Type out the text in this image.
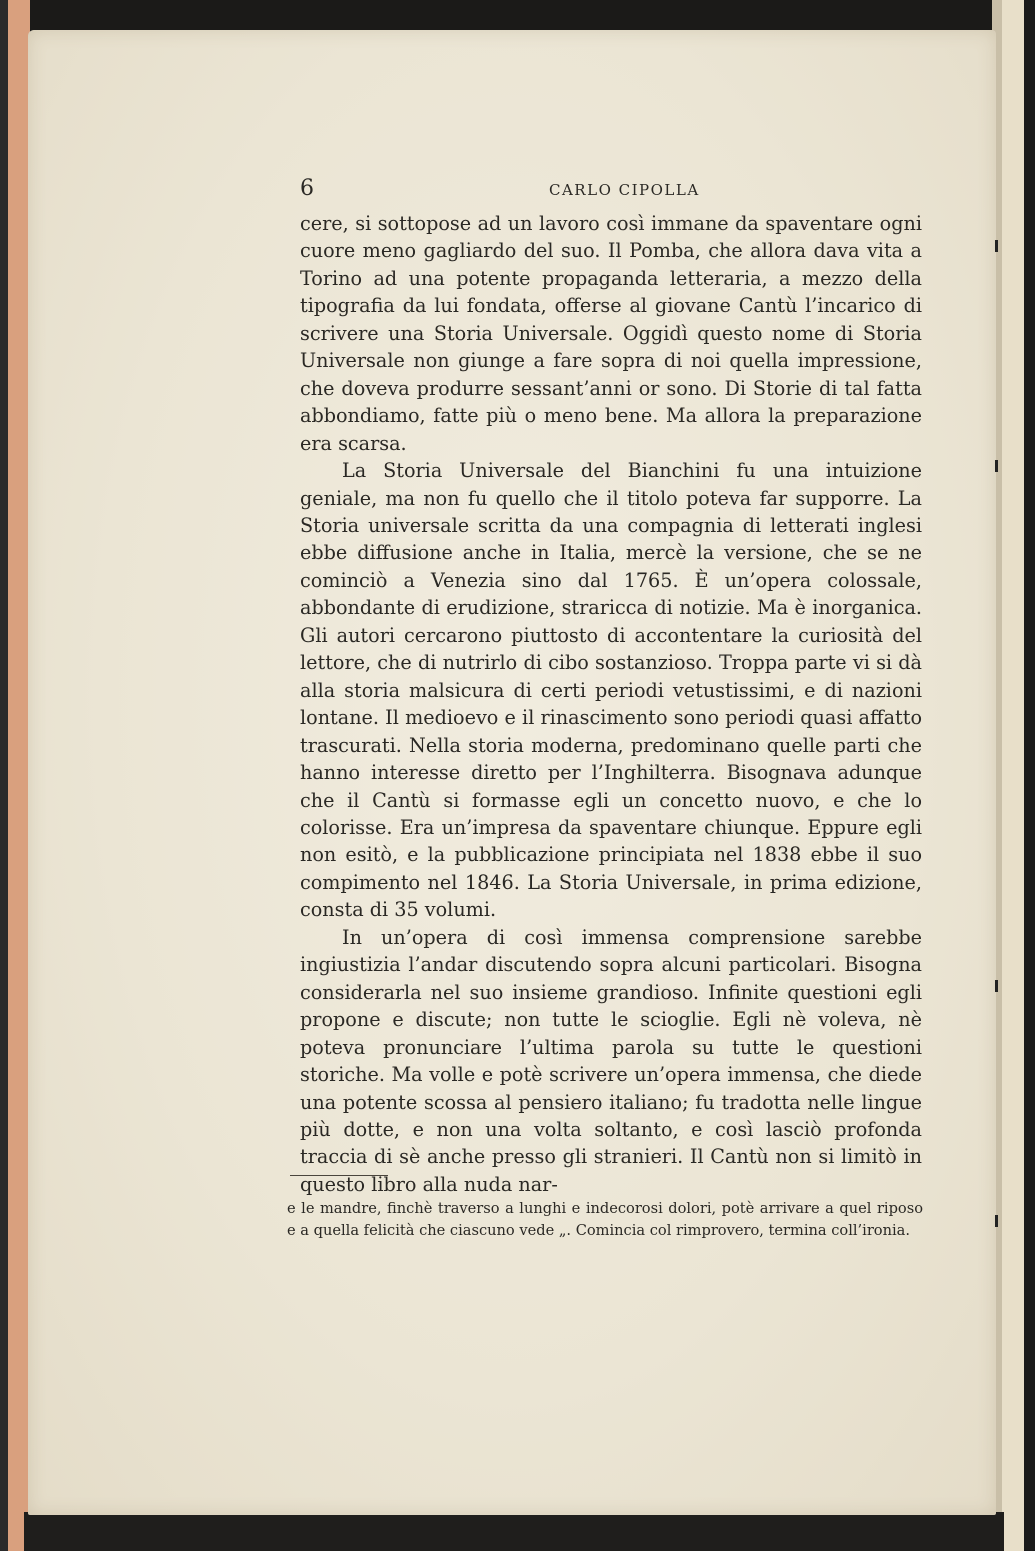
6	CARLO CIPOLLA

cere, si sottopose ad un lavoro così immane da spaventare ogni cuore meno gagliardo del suo. Il Pomba, che allora dava vita a Torino ad una potente propaganda letteraria, a mezzo della tipografia da lui fondata, offerse al giovane Cantù l’incarico di scrivere una Storia Universale. Oggidì questo nome di Storia Universale non giunge a fare sopra di noi quella impressione, che doveva produrre sessant’anni or sono. Di Storie di tal fatta abbondiamo, fatte più o meno bene. Ma allora la preparazione era scarsa.

La Storia Universale del Bianchini fu una intuizione geniale, ma non fu quello che il titolo poteva far supporre. La Storia universale scritta da una compagnia di letterati inglesi ebbe diffusione anche in Italia, mercè la versione, che se ne cominciò a Venezia sino dal 1765. È un’opera colossale, abbondante di erudizione, straricca di notizie. Ma è inorganica. Gli autori cercarono piuttosto di accontentare la curiosità del lettore, che di nutrirlo di cibo sostanzioso. Troppa parte vi si dà alla storia malsicura di certi periodi vetustissimi, e di nazioni lontane. Il medioevo e il rinascimento sono periodi quasi affatto trascurati. Nella storia moderna, predominano quelle parti che hanno interesse diretto per l’Inghilterra. Bisognava adunque che il Cantù si formasse egli un concetto nuovo, e che lo colorisse. Era un’impresa da spaventare chiunque. Eppure egli non esitò, e la pubblicazione principiata nel 1838 ebbe il suo compimento nel 1846. La Storia Universale, in prima edizione, consta di 35 volumi.

In un’opera di così immensa comprensione sarebbe ingiustizia l’andar discutendo sopra alcuni particolari. Bisogna considerarla nel suo insieme grandioso. Infinite questioni egli propone e discute; non tutte le scioglie. Egli nè voleva, nè poteva pronunciare l’ultima parola su tutte le questioni storiche. Ma volle e potè scrivere un’opera immensa, che diede una potente scossa al pensiero italiano; fu tradotta nelle lingue più dotte, e non una volta soltanto, e così lasciò profonda traccia di sè anche presso gli stranieri. Il Cantù non si limitò in questo libro alla nuda nar-

e le mandre, finchè traverso a lunghi e indecorosi dolori, potè arrivare a quel riposo e a quella felicità che ciascuno vede „. Comincia col rimprovero, termina coll’ironia.
